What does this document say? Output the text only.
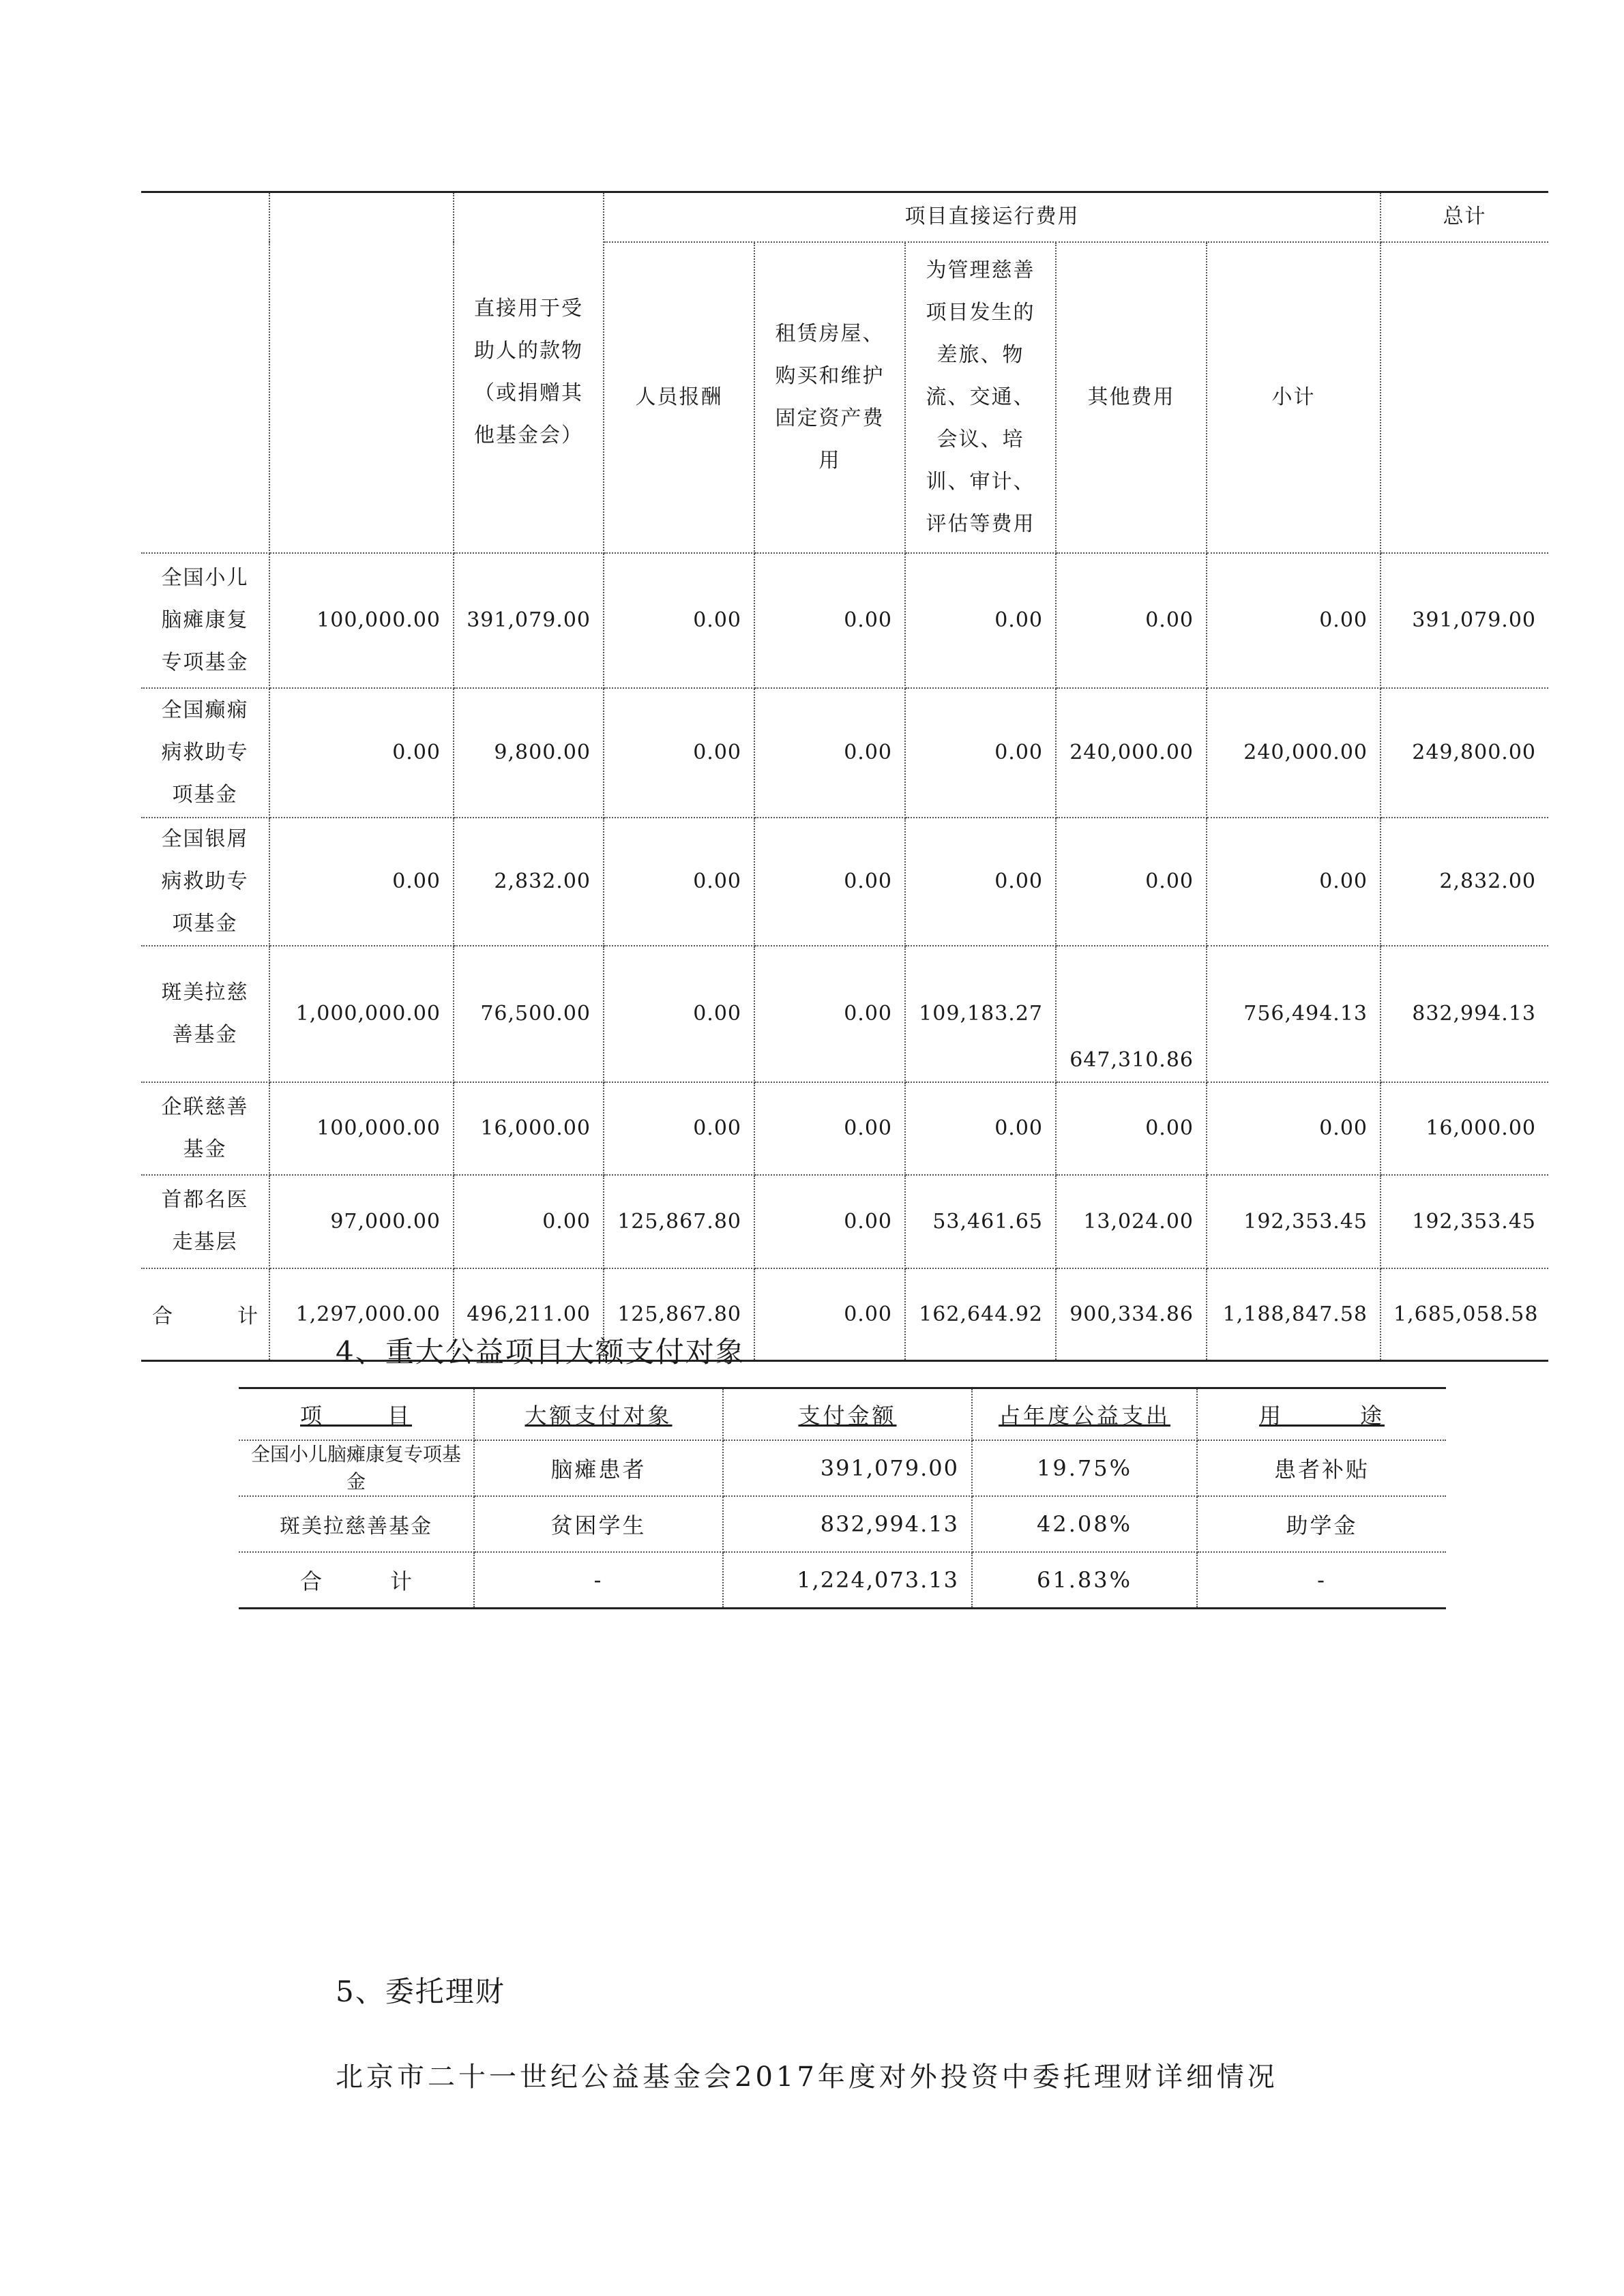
		直接用于受助人的款物（或捐赠其他基金会）	项目直接运行费用					总计
			人员报酬	租赁房屋、购买和维护固定资产费用	为管理慈善项目发生的差旅、物流、交通、会议、培训、审计、评估等费用	其他费用	小计	
全国小儿脑瘫康复专项基金	100,000.00	391,079.00	0.00	0.00	0.00	0.00	0.00	391,079.00
全国癫痫病救助专项基金	0.00	9,800.00	0.00	0.00	0.00	240,000.00	240,000.00	249,800.00
全国银屑病救助专项基金	0.00	2,832.00	0.00	0.00	0.00	0.00	0.00	2,832.00
斑美拉慈善基金	1,000,000.00	76,500.00	0.00	0.00	109,183.27	647,310.86	756,494.13	832,994.13
企联慈善基金	100,000.00	16,000.00	0.00	0.00	0.00	0.00	0.00	16,000.00
首都名医走基层	97,000.00	0.00	125,867.80	0.00	53,461.65	13,024.00	192,353.45	192,353.45
合计	1,297,000.00	496,211.00	125,867.80	0.00	162,644.92	900,334.86	1,188,847.58	1,685,058.58
4、重大公益项目大额支付对象
项目	大额支付对象	支付金额	占年度公益支出	用途
全国小儿脑瘫康复专项基金	脑瘫患者	391,079.00	19.75%	患者补贴
斑美拉慈善基金	贫困学生	832,994.13	42.08%	助学金
合计	-	1,224,073.13	61.83%	-
5、委托理财

北京市二十一世纪公益基金会2017年度对外投资中委托理财详细情况
